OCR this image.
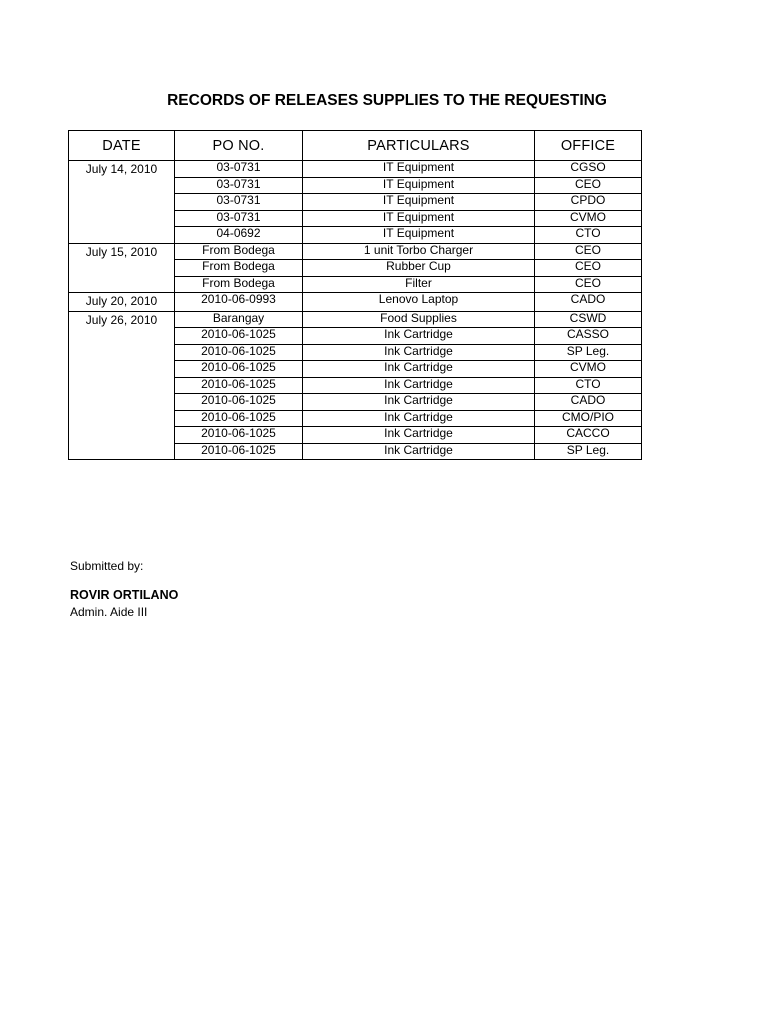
RECORDS OF RELEASES SUPPLIES TO THE REQUESTING
DATE	PO NO.	PARTICULARS	OFFICE
July 14, 2010	03-0731	IT Equipment	CGSO
	03-0731	IT Equipment	CEO
	03-0731	IT Equipment	CPDO
	03-0731	IT Equipment	CVMO
	04-0692	IT Equipment	CTO
July 15, 2010	From Bodega	1 unit Torbo Charger	CEO
	From Bodega	Rubber Cup	CEO
	From Bodega	Filter	CEO
July 20, 2010	2010-06-0993	Lenovo Laptop	CADO
July 26, 2010	Barangay	Food Supplies	CSWD
	2010-06-1025	Ink Cartridge	CASSO
	2010-06-1025	Ink Cartridge	SP Leg.
	2010-06-1025	Ink Cartridge	CVMO
	2010-06-1025	Ink Cartridge	CTO
	2010-06-1025	Ink Cartridge	CADO
	2010-06-1025	Ink Cartridge	CMO/PIO
	2010-06-1025	Ink Cartridge	CACCO
	2010-06-1025	Ink Cartridge	SP Leg.
Submitted by:
ROVIR ORTILANO
Admin. Aide III
